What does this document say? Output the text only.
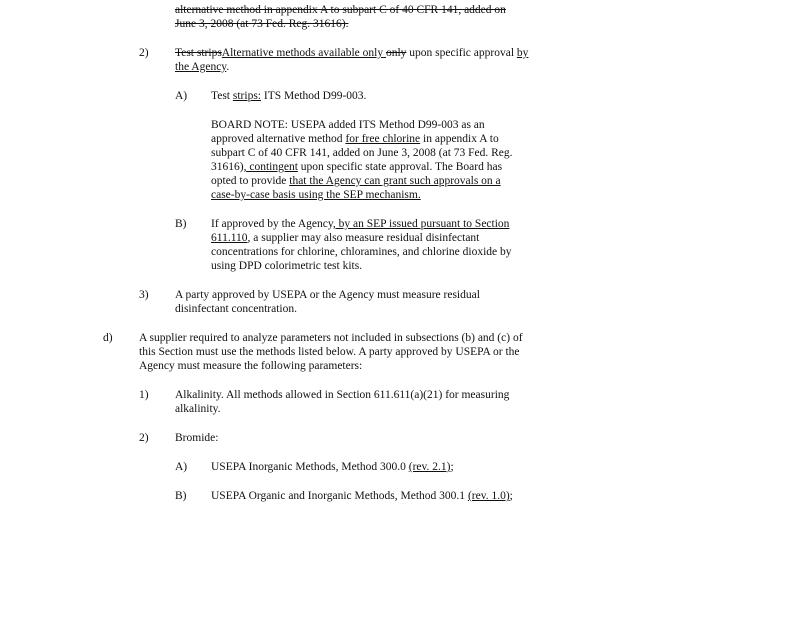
alternative method in appendix A to subpart C of 40 CFR 141, added on
June 3, 2008 (at 73 Fed. Reg. 31616).
2) Test stripsAlternative methods available only only upon specific approval by
the Agency.
A) Test strips: ITS Method D99-003.
BOARD NOTE: USEPA added ITS Method D99-003 as an
approved alternative method for free chlorine in appendix A to
subpart C of 40 CFR 141, added on June 3, 2008 (at 73 Fed. Reg.
31616), contingent upon specific state approval. The Board has
opted to provide that the Agency can grant such approvals on a
case-by-case basis using the SEP mechanism.
B) If approved by the Agency, by an SEP issued pursuant to Section
611.110, a supplier may also measure residual disinfectant
concentrations for chlorine, chloramines, and chlorine dioxide by
using DPD colorimetric test kits.
3) A party approved by USEPA or the Agency must measure residual
disinfectant concentration.
d) A supplier required to analyze parameters not included in subsections (b) and (c) of
this Section must use the methods listed below. A party approved by USEPA or the
Agency must measure the following parameters:
1) Alkalinity. All methods allowed in Section 611.611(a)(21) for measuring
alkalinity.
2) Bromide:
A) USEPA Inorganic Methods, Method 300.0 (rev. 2.1);
B) USEPA Organic and Inorganic Methods, Method 300.1 (rev. 1.0);
